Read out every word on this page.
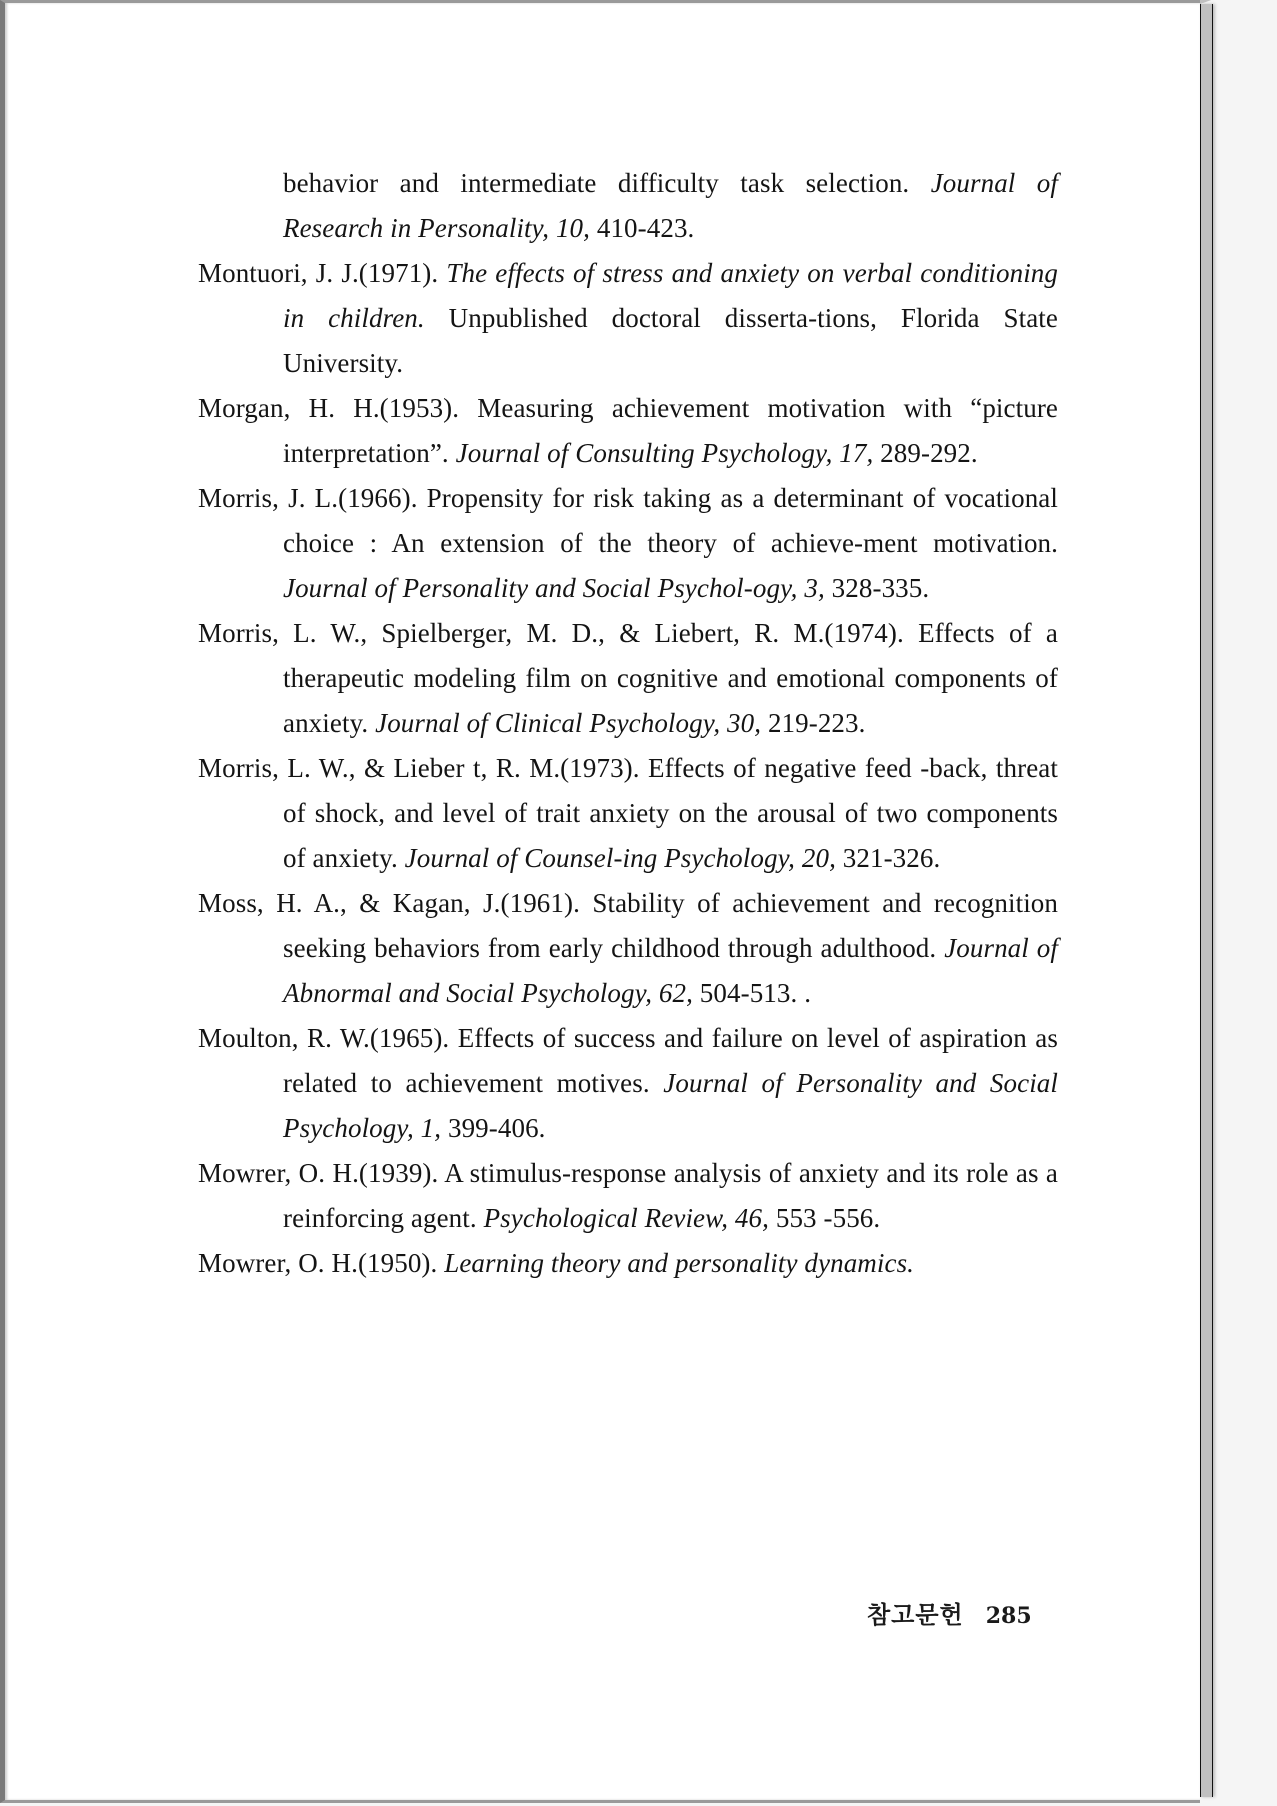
behavior and intermediate difficulty task selection. Journal of Research in Personality, 10, 410-423.

Montuori, J. J.(1971). The effects of stress and anxiety on verbal conditioning in children. Unpublished doctoral disserta-tions, Florida State University.

Morgan, H. H.(1953). Measuring achievement motivation with “picture interpretation”. Journal of Consulting Psychology, 17, 289-292.

Morris, J. L.(1966). Propensity for risk taking as a determinant of vocational choice : An extension of the theory of achieve-ment motivation. Journal of Personality and Social Psychol-ogy, 3, 328-335.

Morris, L. W., Spielberger, M. D., & Liebert, R. M.(1974). Effects of a therapeutic modeling film on cognitive and emotional components of anxiety. Journal of Clinical Psychology, 30, 219-223.

Morris, L. W., & Lieber t, R. M.(1973). Effects of negative feed -back, threat of shock, and level of trait anxiety on the arousal of two components of anxiety. Journal of Counsel-ing Psychology, 20, 321-326.

Moss, H. A., & Kagan, J.(1961). Stability of achievement and recognition seeking behaviors from early childhood through adulthood. Journal of Abnormal and Social Psychology, 62, 504-513. .

Moulton, R. W.(1965). Effects of success and failure on level of aspiration as related to achievement motives. Journal of Personality and Social Psychology, 1, 399-406.

Mowrer, O. H.(1939). A stimulus-response analysis of anxiety and its role as a reinforcing agent. Psychological Review, 46, 553 -556.

Mowrer, O. H.(1950). Learning theory and personality dynamics.

참고문헌 285
